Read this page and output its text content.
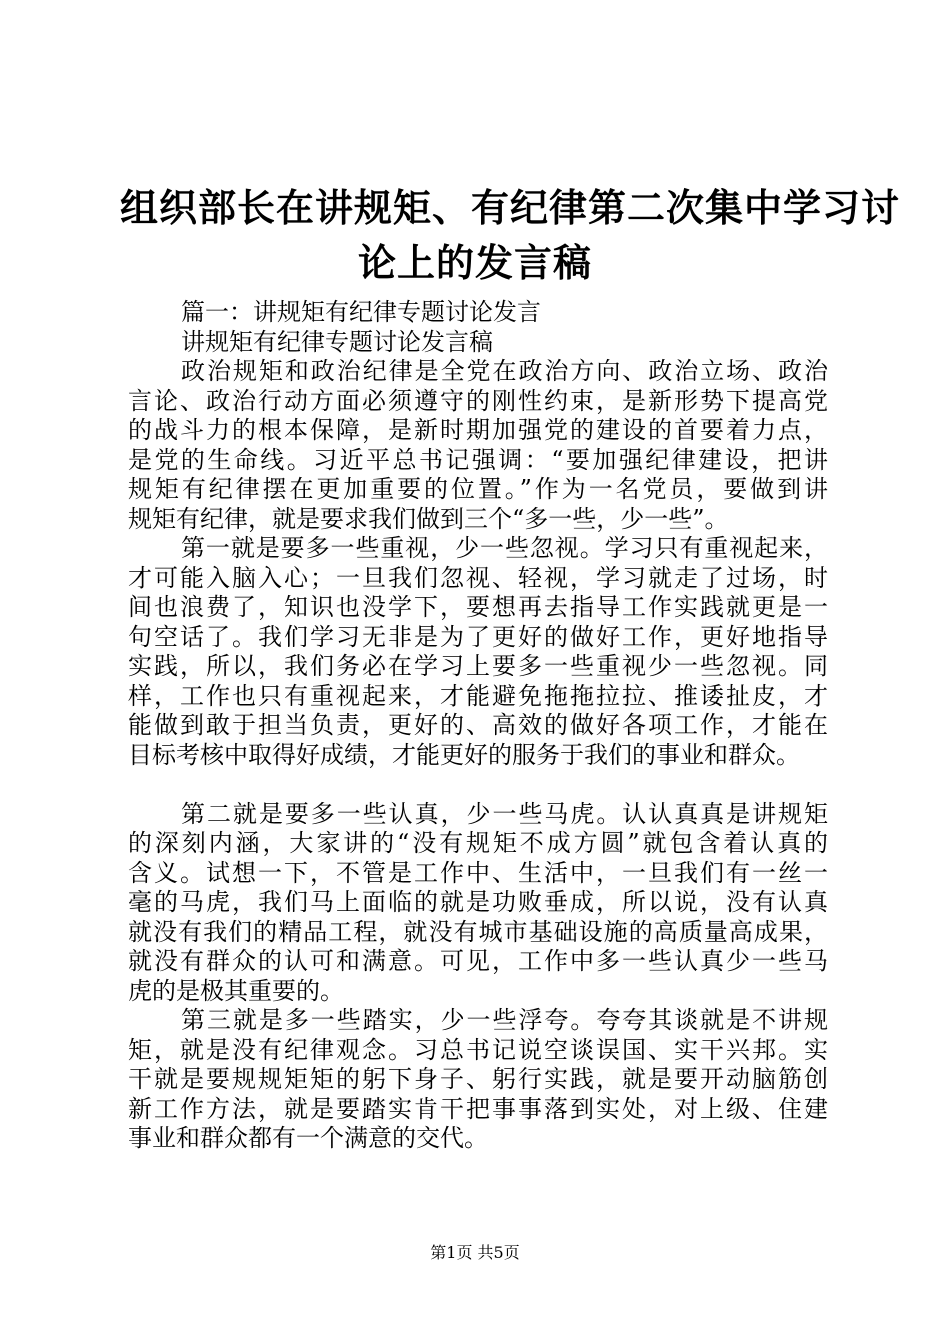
组织部长在讲规矩、有纪律第二次集中学习讨
论上的发言稿
篇一：讲规矩有纪律专题讨论发言
讲规矩有纪律专题讨论发言稿
政治规矩和政治纪律是全党在政治方向、政治立场、政治
言论、政治行动方面必须遵守的刚性约束，是新形势下提高党
的战斗力的根本保障，是新时期加强党的建设的首要着力点，
是党的生命线。习近平总书记强调：“要加强纪律建设，把讲
规矩有纪律摆在更加重要的位置。”作为一名党员，要做到讲
规矩有纪律，就是要求我们做到三个“多一些，少一些”。
第一就是要多一些重视，少一些忽视。学习只有重视起来，
才可能入脑入心；一旦我们忽视、轻视，学习就走了过场，时
间也浪费了，知识也没学下，要想再去指导工作实践就更是一
句空话了。我们学习无非是为了更好的做好工作，更好地指导
实践，所以，我们务必在学习上要多一些重视少一些忽视。同
样，工作也只有重视起来，才能避免拖拖拉拉、推诿扯皮，才
能做到敢于担当负责，更好的、高效的做好各项工作，才能在
目标考核中取得好成绩，才能更好的服务于我们的事业和群众。
第二就是要多一些认真，少一些马虎。认认真真是讲规矩
的深刻内涵，大家讲的“没有规矩不成方圆”就包含着认真的
含义。试想一下，不管是工作中、生活中，一旦我们有一丝一
毫的马虎，我们马上面临的就是功败垂成，所以说，没有认真
就没有我们的精品工程，就没有城市基础设施的高质量高成果，
就没有群众的认可和满意。可见，工作中多一些认真少一些马
虎的是极其重要的。
第三就是多一些踏实，少一些浮夸。夸夸其谈就是不讲规
矩，就是没有纪律观念。习总书记说空谈误国、实干兴邦。实
干就是要规规矩矩的躬下身子、躬行实践，就是要开动脑筋创
新工作方法，就是要踏实肯干把事事落到实处，对上级、住建
事业和群众都有一个满意的交代。
第1页 共5页
